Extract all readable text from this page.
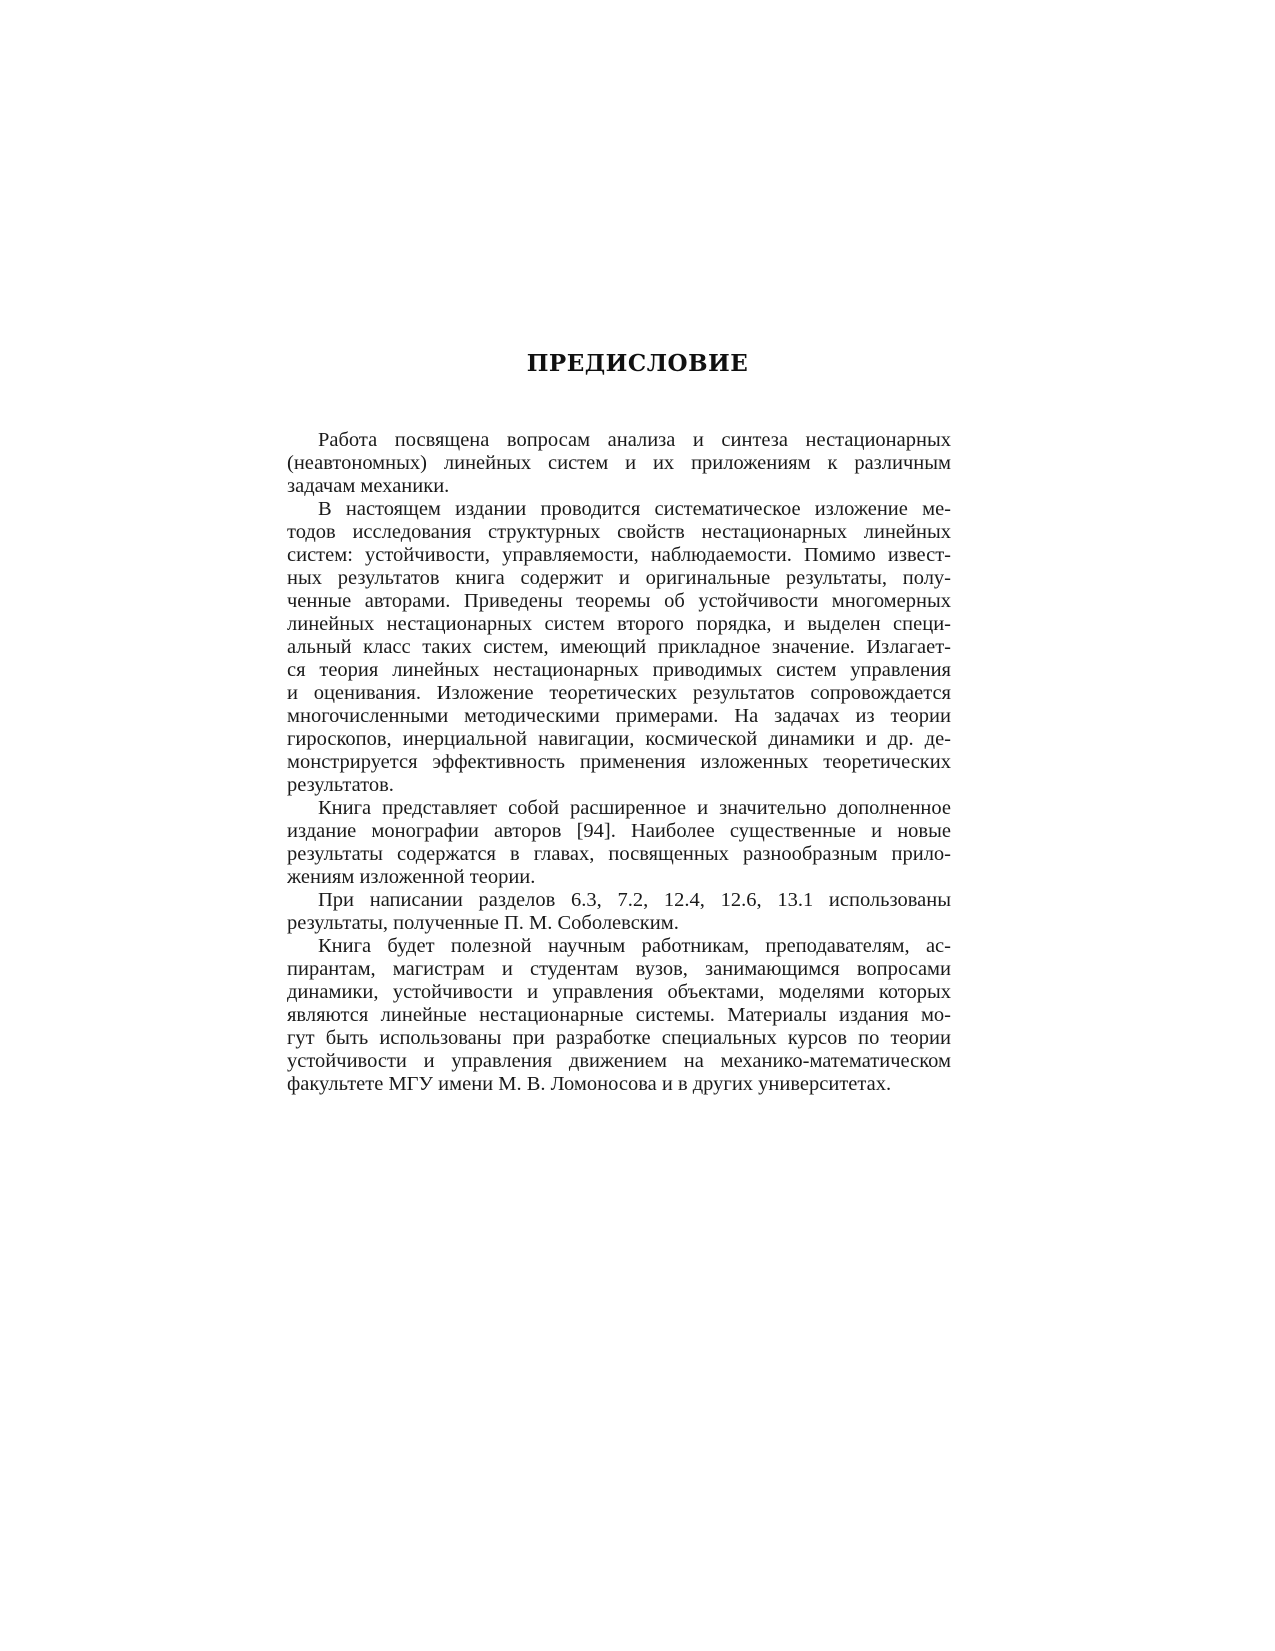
ПРЕДИСЛОВИЕ
Работа посвящена вопросам анализа и синтеза нестационарных
(неавтономных) линейных систем и их приложениям к различным
задачам механики.
В настоящем издании проводится систематическое изложение ме-
тодов исследования структурных свойств нестационарных линейных
систем: устойчивости, управляемости, наблюдаемости. Помимо извест-
ных результатов книга содержит и оригинальные результаты, полу-
ченные авторами. Приведены теоремы об устойчивости многомерных
линейных нестационарных систем второго порядка, и выделен специ-
альный класс таких систем, имеющий прикладное значение. Излагает-
ся теория линейных нестационарных приводимых систем управления
и оценивания. Изложение теоретических результатов сопровождается
многочисленными методическими примерами. На задачах из теории
гироскопов, инерциальной навигации, космической динамики и др. де-
монстрируется эффективность применения изложенных теоретических
результатов.
Книга представляет собой расширенное и значительно дополненное
издание монографии авторов [94]. Наиболее существенные и новые
результаты содержатся в главах, посвященных разнообразным прило-
жениям изложенной теории.
При написании разделов 6.3, 7.2, 12.4, 12.6, 13.1 использованы
результаты, полученные П. М. Соболевским.
Книга будет полезной научным работникам, преподавателям, ас-
пирантам, магистрам и студентам вузов, занимающимся вопросами
динамики, устойчивости и управления объектами, моделями которых
являются линейные нестационарные системы. Материалы издания мо-
гут быть использованы при разработке специальных курсов по теории
устойчивости и управления движением на механико-математическом
факультете МГУ имени М. В. Ломоносова и в других университетах.
